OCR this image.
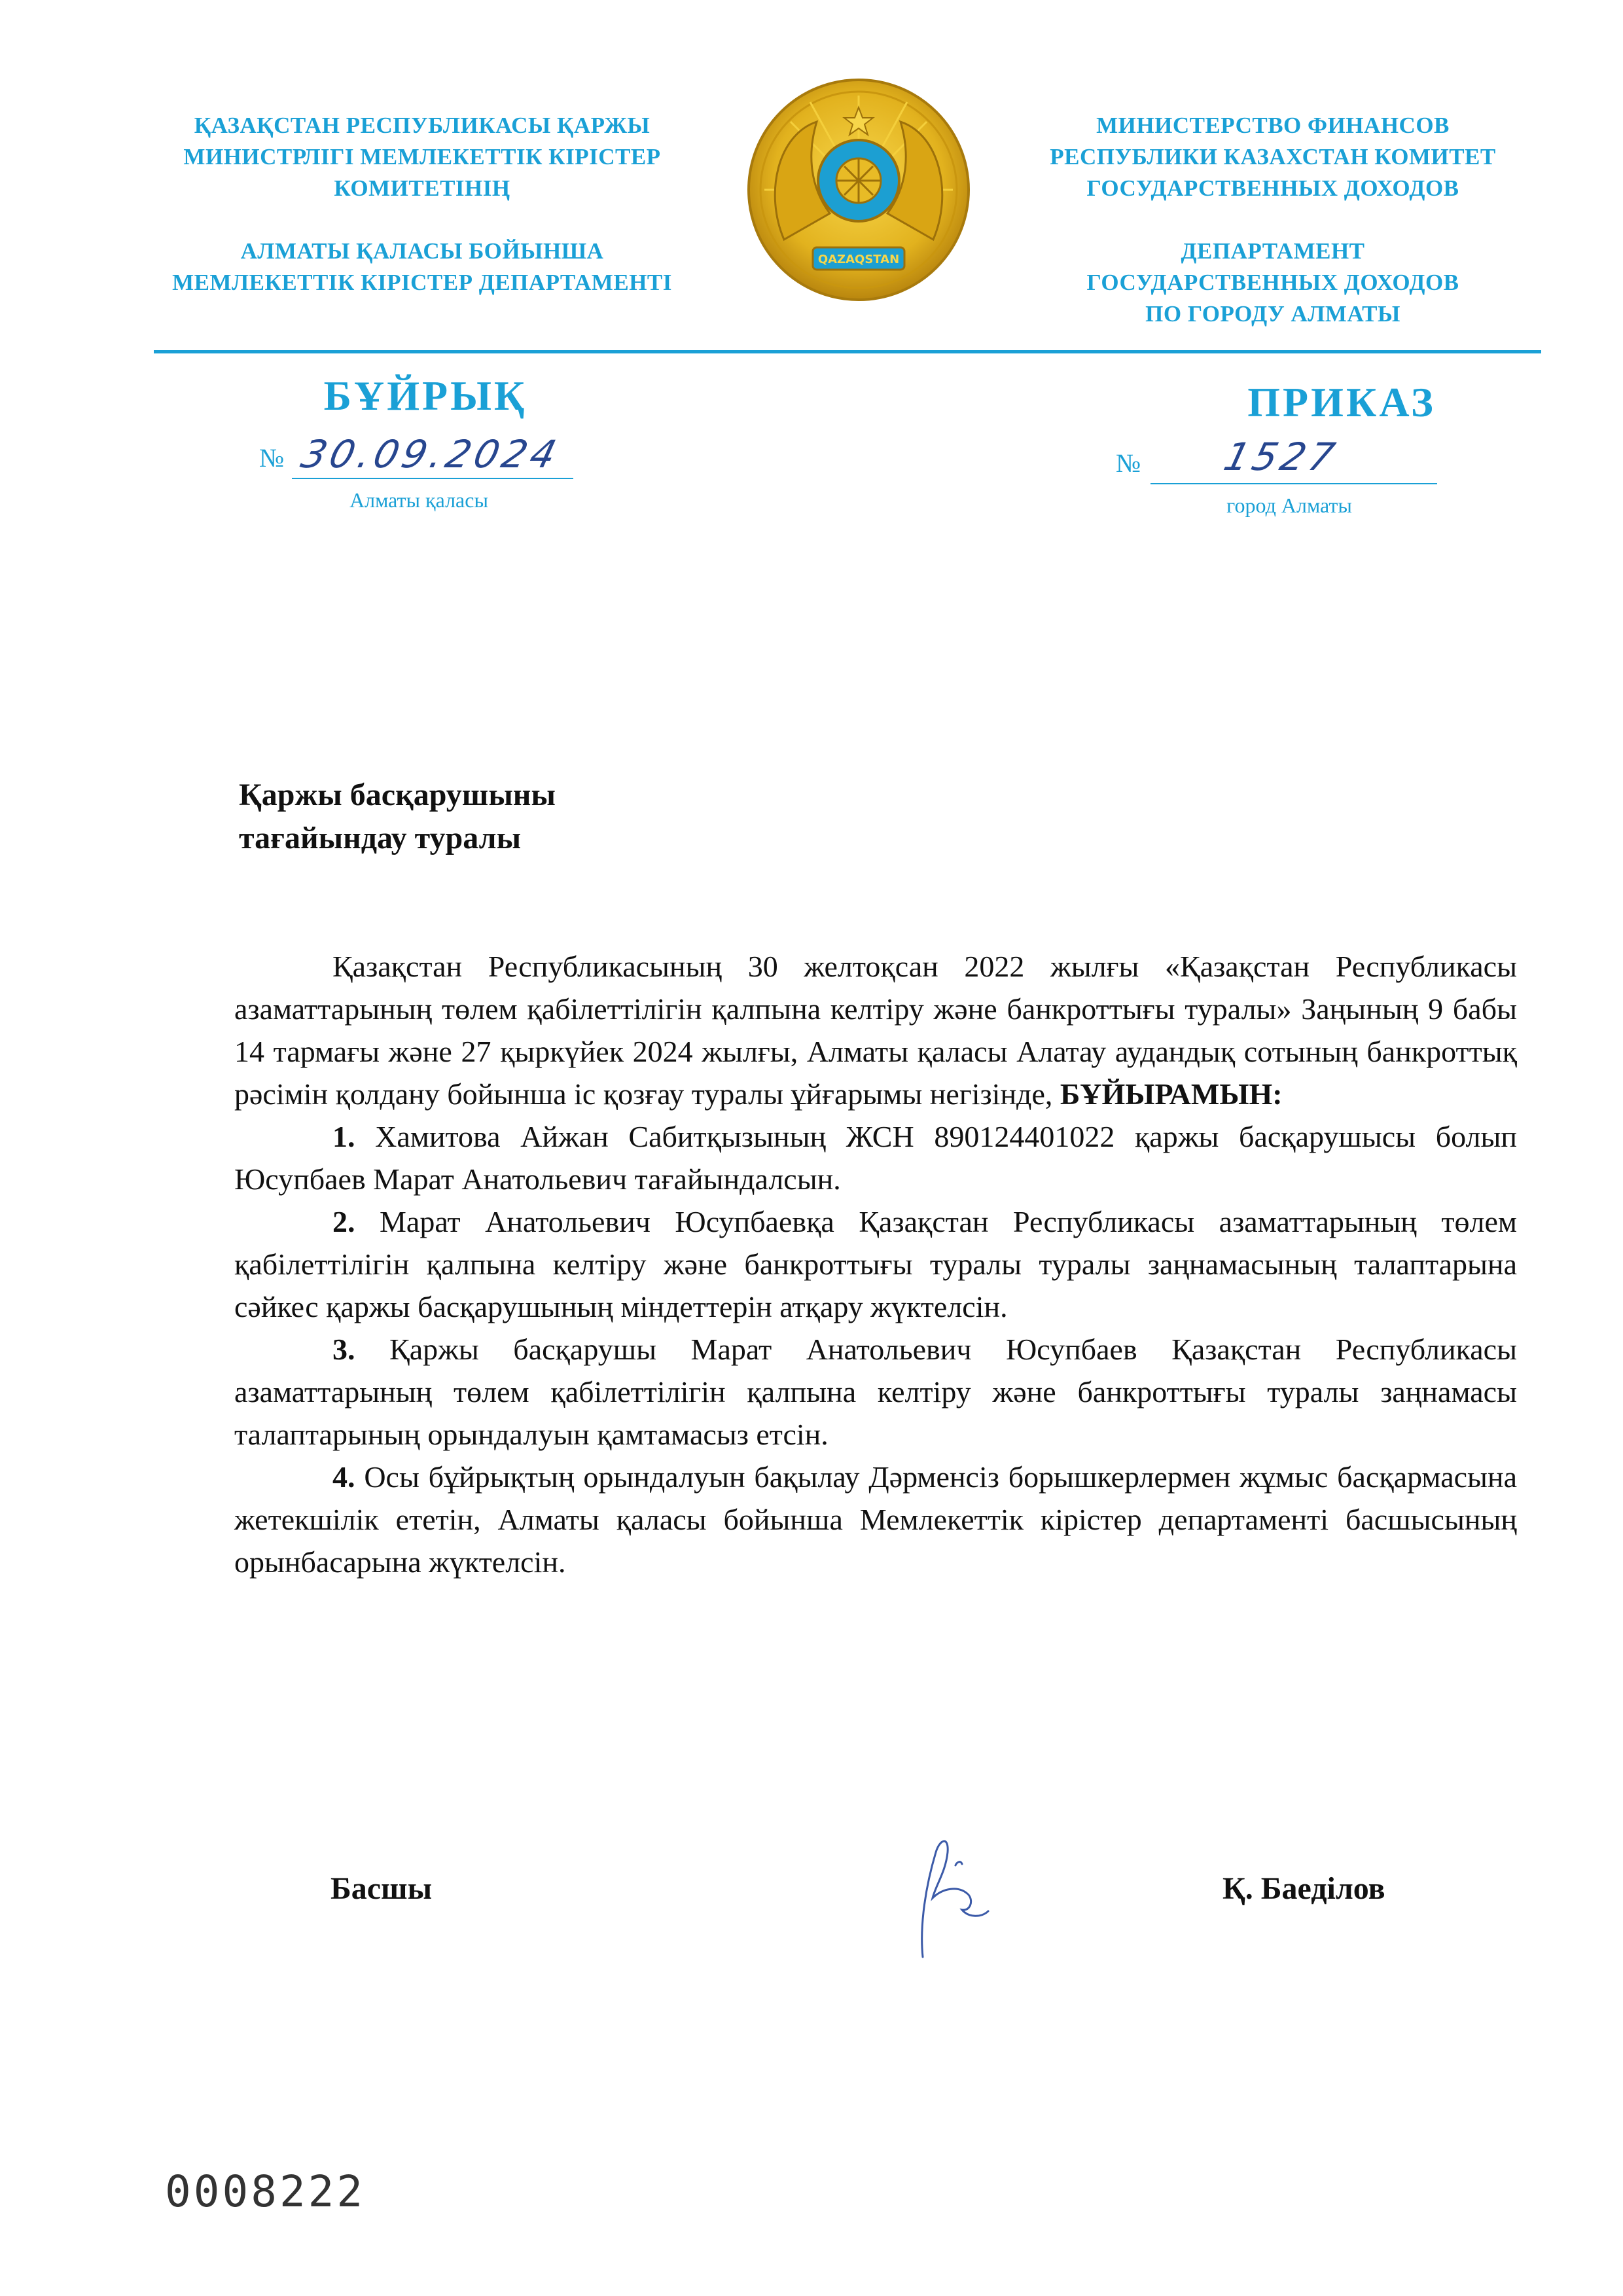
ҚАЗАҚСТАН РЕСПУБЛИКАСЫ ҚАРЖЫ
МИНИСТРЛІГІ МЕМЛЕКЕТТІК КІРІСТЕР
КОМИТЕТІНІҢ
АЛМАТЫ ҚАЛАСЫ БОЙЫНША
МЕМЛЕКЕТТІК КІРІСТЕР ДЕПАРТАМЕНТІ
QAZAQSTAN
МИНИСТЕРСТВО ФИНАНСОВ
РЕСПУБЛИКИ КАЗАХСТАН КОМИТЕТ
ГОСУДАРСТВЕННЫХ ДОХОДОВ
ДЕПАРТАМЕНТ
ГОСУДАРСТВЕННЫХ ДОХОДОВ
ПО ГОРОДУ АЛМАТЫ
БҰЙРЫҚ	ПРИКАЗ
№ 30.09.2024
Алматы қаласы
№ 1527
город Алматы
Қаржы басқарушыны
тағайындау туралы

Қазақстан Республикасының 30 желтоқсан 2022 жылғы «Қазақстан Республикасы азаматтарының төлем қабілеттілігін қалпына келтіру және банкроттығы туралы» Заңының 9 бабы 14 тармағы және 27 қыркүйек 2024 жылғы, Алматы қаласы Алатау аудандық сотының банкроттық рәсімін қолдану бойынша іс қозғау туралы ұйғарымы негізінде, БҰЙЫРАМЫН:

1. Хамитова Айжан Сабитқызының ЖСН 890124401022 қаржы басқарушысы болып Юсупбаев Марат Анатольевич тағайындалсын.

2. Марат Анатольевич Юсупбаевқа Қазақстан Республикасы азаматтарының төлем қабілеттілігін қалпына келтіру және банкроттығы туралы туралы заңнамасының талаптарына сәйкес қаржы басқарушының міндеттерін атқару жүктелсін.

3. Қаржы басқарушы Марат Анатольевич Юсупбаев Қазақстан Республикасы азаматтарының төлем қабілеттілігін қалпына келтіру және банкроттығы туралы заңнамасы талаптарының орындалуын қамтамасыз етсін.

4. Осы бұйрықтың орындалуын бақылау Дәрменсіз борышкерлермен жұмыс басқармасына жетекшілік ететін, Алматы қаласы бойынша Мемлекеттік кірістер департаменті басшысының орынбасарына жүктелсін.

Басшы	Қ. Баеділов
0008222
